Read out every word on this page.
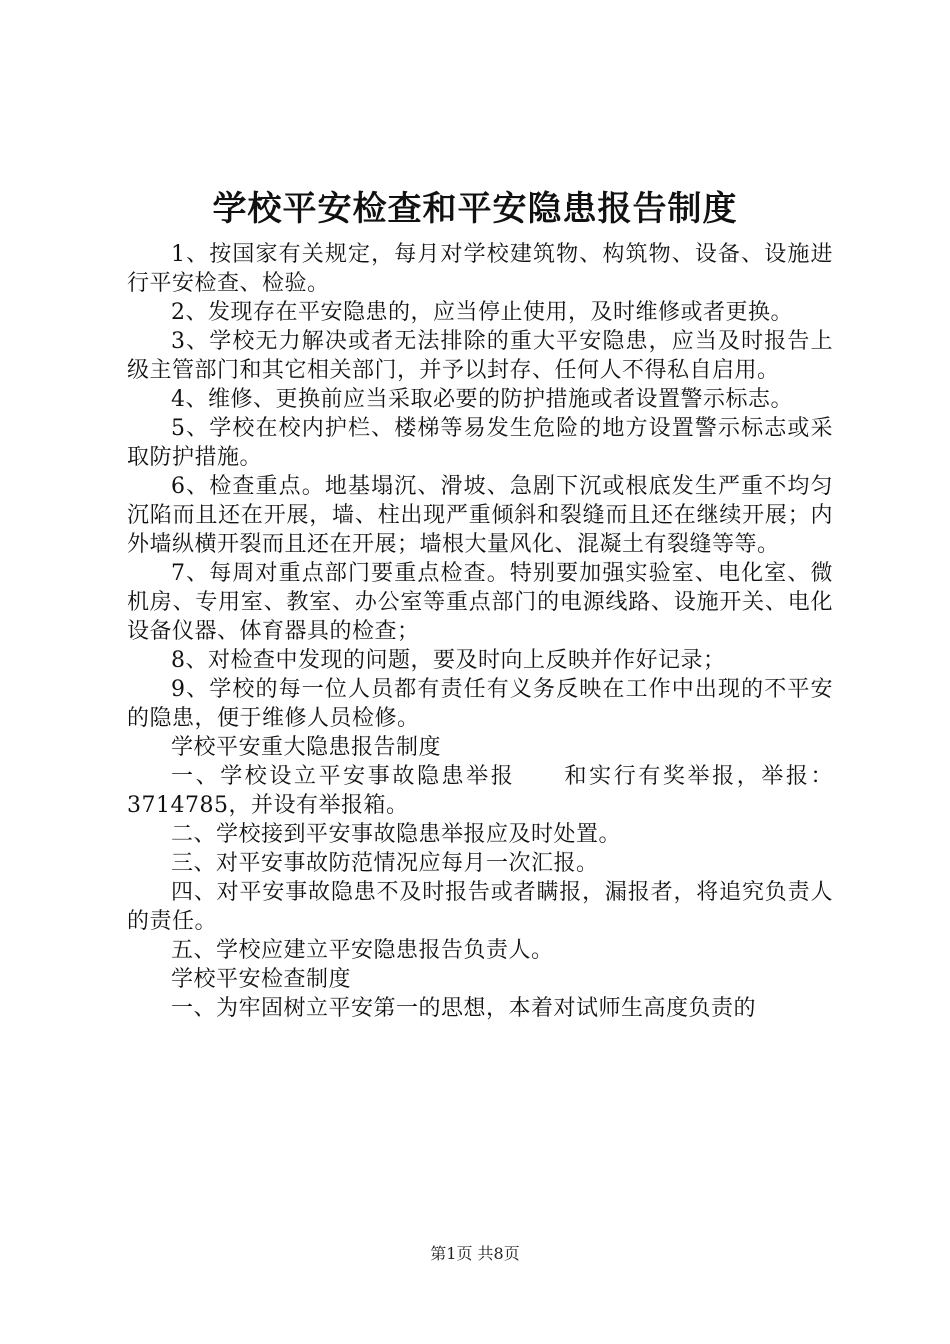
学校平安检查和平安隐患报告制度

1、按国家有关规定，每月对学校建筑物、构筑物、设备、设施进行平安检查、检验。

2、发现存在平安隐患的，应当停止使用，及时维修或者更换。

3、学校无力解决或者无法排除的重大平安隐患，应当及时报告上级主管部门和其它相关部门，并予以封存、任何人不得私自启用。

4、维修、更换前应当采取必要的防护措施或者设置警示标志。

5、学校在校内护栏、楼梯等易发生危险的地方设置警示标志或采取防护措施。

6、检查重点。地基塌沉、滑坡、急剧下沉或根底发生严重不均匀沉陷而且还在开展，墙、柱出现严重倾斜和裂缝而且还在继续开展；内外墙纵横开裂而且还在开展；墙根大量风化、混凝土有裂缝等等。

7、每周对重点部门要重点检查。特别要加强实验室、电化室、微机房、专用室、教室、办公室等重点部门的电源线路、设施开关、电化设备仪器、体育器具的检查；

8、对检查中发现的问题，要及时向上反映并作好记录；

9、学校的每一位人员都有责任有义务反映在工作中出现的不平安的隐患，便于维修人员检修。

学校平安重大隐患报告制度

一、学校设立平安事故隐患举报　　和实行有奖举报，举报：3714785，并设有举报箱。

二、学校接到平安事故隐患举报应及时处置。

三、对平安事故防范情况应每月一次汇报。

四、对平安事故隐患不及时报告或者瞒报，漏报者，将追究负责人的责任。

五、学校应建立平安隐患报告负责人。

学校平安检查制度

一、为牢固树立平安第一的思想，本着对试师生高度负责的

第1页 共8页
